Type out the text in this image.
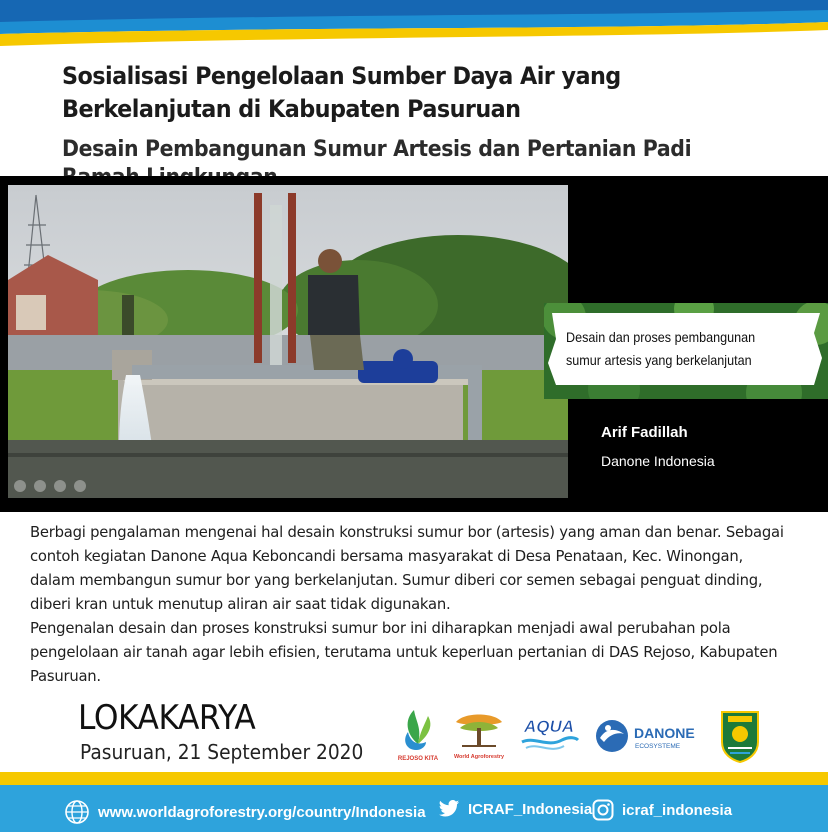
Sosialisasi Pengelolaan Sumber Daya Air yang Berkelanjutan di Kabupaten Pasuruan
Desain Pembangunan Sumur Artesis dan Pertanian Padi
Desain dan proses pembangunan sumur artesis yang berkelanjutan
Arif Fadillah
Danone Indonesia

Berbagi pengalaman mengenai hal desain konstruksi sumur bor (artesis) yang aman dan benar. Sebagai contoh kegiatan Danone Aqua Keboncandi bersama masyarakat di Desa Penataan, Kec. Winongan, dalam membangun sumur bor yang berkelanjutan. Sumur diberi cor semen sebagai penguat dinding, diberi kran untuk menutup aliran air saat tidak digunakan.

Pengenalan desain dan proses konstruksi sumur bor ini diharapkan menjadi awal perubahan pola pengelolaan air tanah agar lebih efisien, terutama untuk keperluan pertanian di DAS Rejoso, Kabupaten Pasuruan.

LOKAKARYA
Pasuruan, 21 September 2020	REJOSO KITA	World Agroforestry
AQUA	DANONE
ECOSYSTEME
www.worldagroforestry.org/country/Indonesia	ICRAF_Indonesia icraf_indonesia
